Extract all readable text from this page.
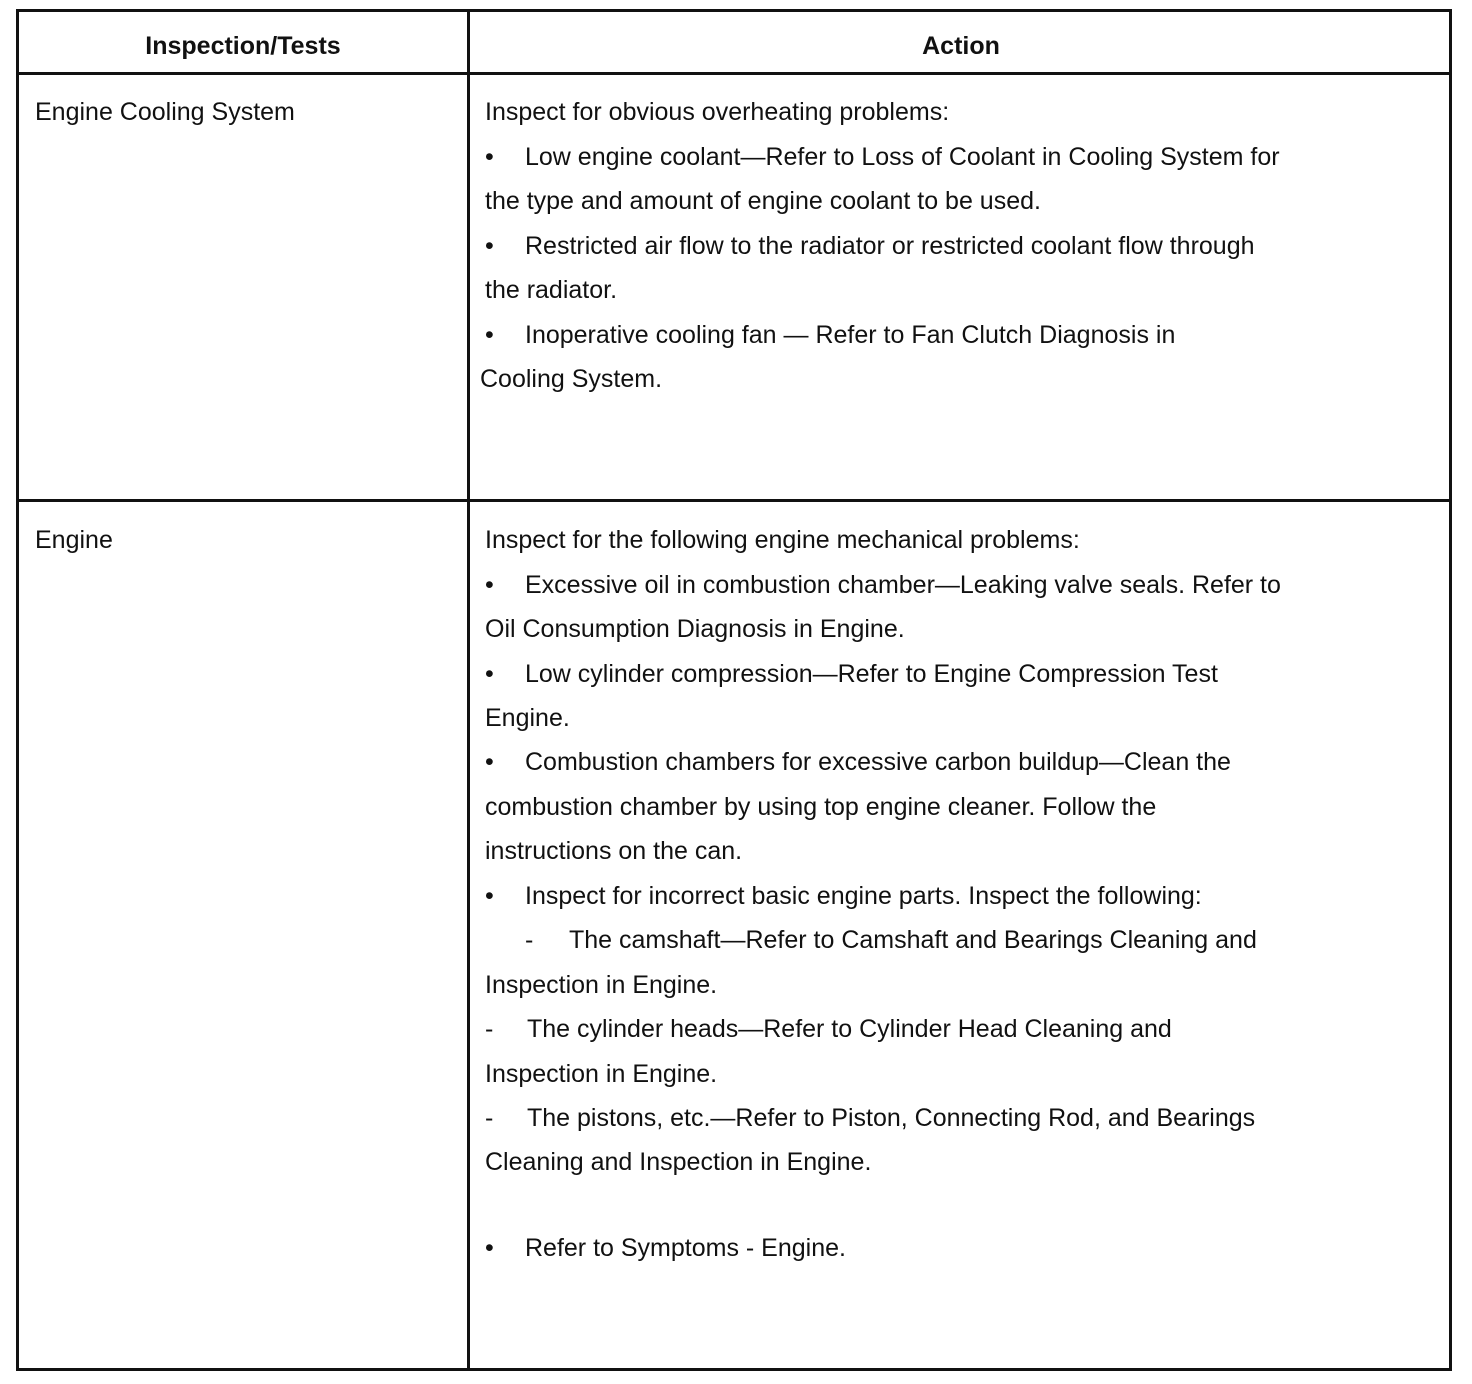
Inspection/Tests	Action
Engine Cooling System	Inspect for obvious overheating problems:
• Low engine coolant—Refer to Loss of Coolant in Cooling System for
the type and amount of engine coolant to be used.
• Restricted air flow to the radiator or restricted coolant flow through
the radiator.
• Inoperative cooling fan — Refer to Fan Clutch Diagnosis in
Cooling System.
Engine	Inspect for the following engine mechanical problems:
• Excessive oil in combustion chamber—Leaking valve seals. Refer to
Oil Consumption Diagnosis in Engine.
• Low cylinder compression—Refer to Engine Compression Test
Engine.
• Combustion chambers for excessive carbon buildup—Clean the
combustion chamber by using top engine cleaner. Follow the
instructions on the can.
• Inspect for incorrect basic engine parts. Inspect the following:
- The camshaft—Refer to Camshaft and Bearings Cleaning and
Inspection in Engine.
- The cylinder heads—Refer to Cylinder Head Cleaning and
Inspection in Engine.
- The pistons, etc.—Refer to Piston, Connecting Rod, and Bearings
Cleaning and Inspection in Engine.
• Refer to Symptoms - Engine.
